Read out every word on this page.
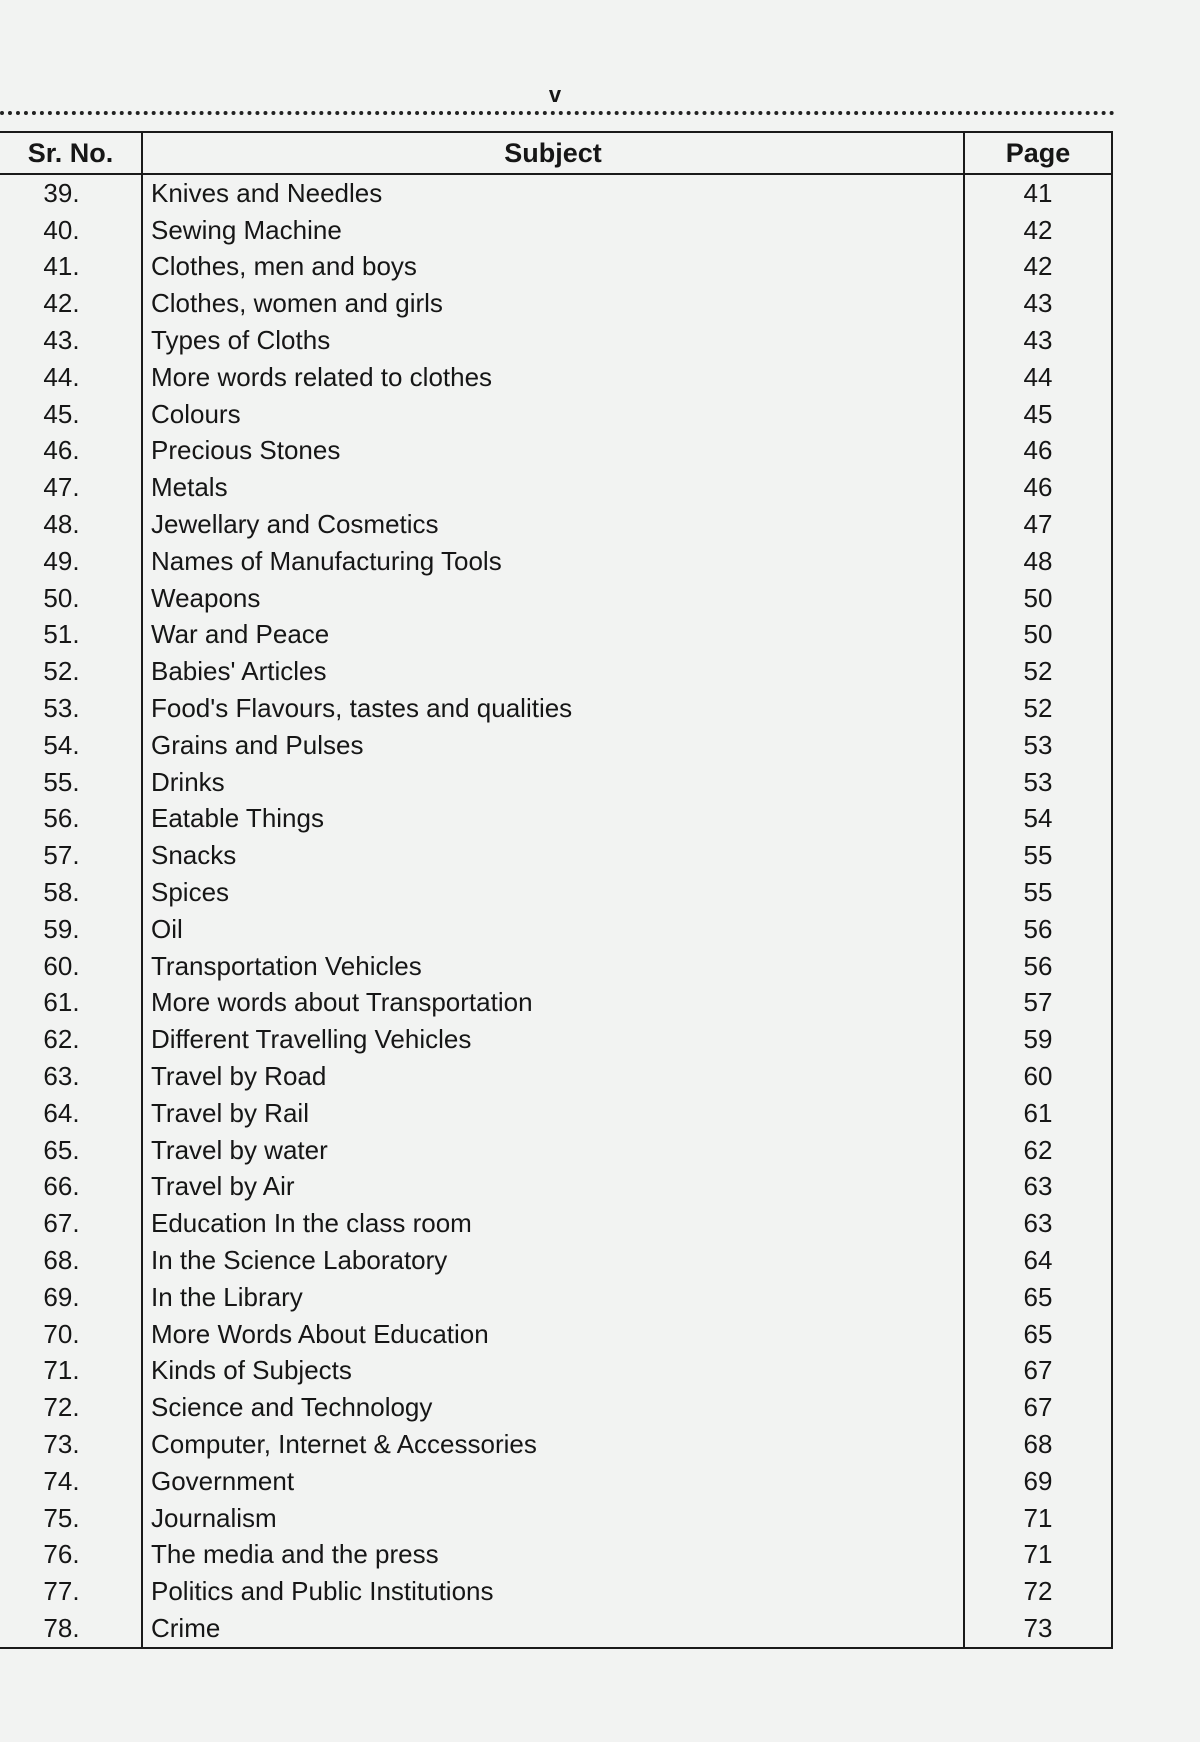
v
Sr. No.	Subject	Page
39.	Knives and Needles	41
40.	Sewing Machine	42
41.	Clothes, men and boys	42
42.	Clothes, women and girls	43
43.	Types of Cloths	43
44.	More words related to clothes	44
45.	Colours	45
46.	Precious Stones	46
47.	Metals	46
48.	Jewellary and Cosmetics	47
49.	Names of Manufacturing Tools	48
50.	Weapons	50
51.	War and Peace	50
52.	Babies' Articles	52
53.	Food's Flavours, tastes and qualities	52
54.	Grains and Pulses	53
55.	Drinks	53
56.	Eatable Things	54
57.	Snacks	55
58.	Spices	55
59.	Oil	56
60.	Transportation Vehicles	56
61.	More words about Transportation	57
62.	Different Travelling Vehicles	59
63.	Travel by Road	60
64.	Travel by Rail	61
65.	Travel by water	62
66.	Travel by Air	63
67.	Education In the class room	63
68.	In the Science Laboratory	64
69.	In the Library	65
70.	More Words About Education	65
71.	Kinds of Subjects	67
72.	Science and Technology	67
73.	Computer, Internet & Accessories	68
74.	Government	69
75.	Journalism	71
76.	The media and the press	71
77.	Politics and Public Institutions	72
78.	Crime	73
